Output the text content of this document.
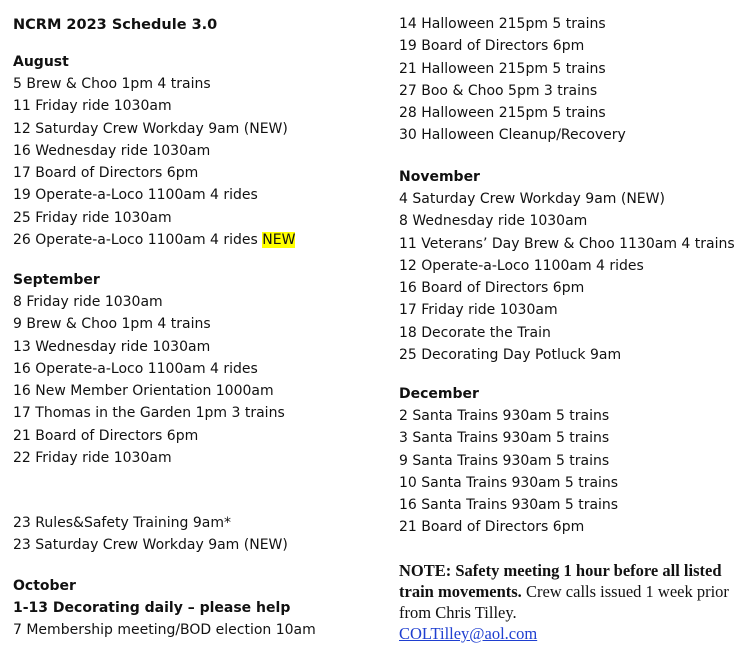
NCRM 2023 Schedule 3.0
August
5 Brew & Choo 1pm 4 trains
11 Friday ride 1030am
12 Saturday Crew Workday 9am (NEW)
16 Wednesday ride 1030am
17 Board of Directors 6pm
19 Operate-a-Loco 1100am 4 rides
25 Friday ride 1030am
26 Operate-a-Loco 1100am 4 rides NEW
September
8 Friday ride 1030am
9 Brew & Choo 1pm 4 trains
13 Wednesday ride 1030am
16 Operate-a-Loco 1100am 4 rides
16 New Member Orientation 1000am
17 Thomas in the Garden 1pm 3 trains
21 Board of Directors 6pm
22 Friday ride 1030am
23 Rules&Safety Training 9am*
23 Saturday Crew Workday 9am (NEW)
October
1-13 Decorating daily – please help
7 Membership meeting/BOD election 10am
14 Halloween 215pm 5 trains
19 Board of Directors 6pm
21 Halloween 215pm 5 trains
27 Boo & Choo 5pm 3 trains
28 Halloween 215pm 5 trains
30 Halloween Cleanup/Recovery
November
4 Saturday Crew Workday 9am (NEW)
8 Wednesday ride 1030am
11 Veterans’ Day Brew & Choo 1130am 4 trains
12 Operate-a-Loco 1100am 4 rides
16 Board of Directors 6pm
17 Friday ride 1030am
18 Decorate the Train
25 Decorating Day Potluck 9am
December
2 Santa Trains 930am 5 trains
3 Santa Trains 930am 5 trains
9 Santa Trains 930am 5 trains
10 Santa Trains 930am 5 trains
16 Santa Trains 930am 5 trains
21 Board of Directors 6pm
NOTE: Safety meeting 1 hour before all listed train movements. Crew calls issued 1 week prior from Chris Tilley.
COLTilley@aol.com
